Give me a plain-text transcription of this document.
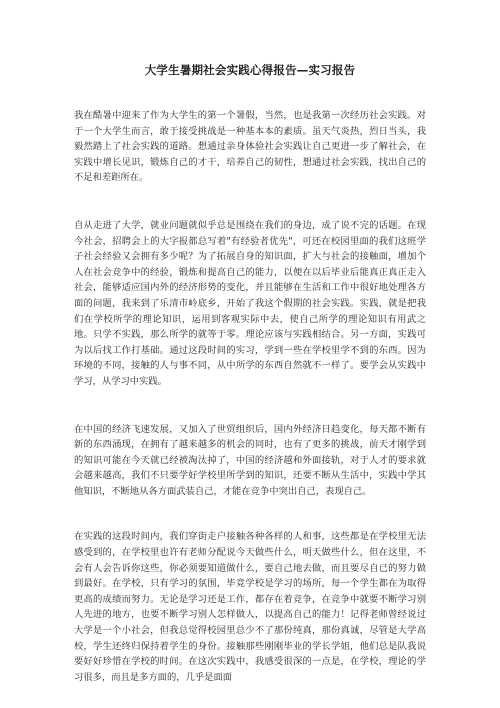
大学生暑期社会实践心得报告—实习报告

我在酷暑中迎来了作为大学生的第一个暑假，当然，也是我第一次经历社会实践。对于一个大学生而言，敢于接受挑战是一种基本本的素质。虽天气炎热，烈日当头，我毅然踏上了社会实践的道路。想通过亲身体验社会实践让自己更进一步了解社会，在实践中增长见识，锻炼自己的才干，培养自己的韧性，想通过社会实践，找出自己的不足和差距所在。

自从走进了大学，就业问题就似乎总是围绕在我们的身边，成了说不完的话题。在现今社会，招聘会上的大字报都总写着"有经验者优先"，可还在校园里面的我们这班学子社会经验又会拥有多少呢？为了拓展自身的知识面，扩大与社会的接触面，增加个人在社会竞争中的经验，锻炼和提高自己的能力，以便在以后毕业后能真正真正走入社会，能够适应国内外的经济形势的变化，并且能够在生活和工作中很好地处理各方面的问题，我来到了乐清市岭底乡，开始了我这个假期的社会实践。实践，就是把我们在学校所学的理论知识，运用到客观实际中去，使自己所学的理论知识有用武之地。只学不实践，那么所学的就等于零。理论应该与实践相结合。另一方面，实践可为以后找工作打基础。通过这段时间的实习，学到一些在学校里学不到的东西。因为环境的不同，接触的人与事不同，从中所学的东西自然就不一样了。要学会从实践中学习，从学习中实践。

在中国的经济飞速发展，又加入了世贸组织后，国内外经济日趋变化，每天都不断有新的东西涌现，在拥有了越来越多的机会的同时，也有了更多的挑战，前天才刚学到的知识可能在今天就已经被淘汰掉了，中国的经济越和外面接轨，对于人才的要求就会越来越高，我们不只要学好学校里所学到的知识，还要不断从生活中，实践中学其他知识，不断地从各方面武装自己，才能在竞争中突出自己，表现自己。

在实践的这段时间内，我们穿街走户接触各种各样的人和事，这些都是在学校里无法感受到的，在学校里也许有老师分配说今天做些什么，明天做些什么，但在这里，不会有人会告诉你这些，你必须要知道做什么，要自己地去做，而且要尽自已的努力做到最好。在学校，只有学习的氛围，毕竟学校是学习的场所，每一个学生都在为取得更高的成绩而努力。无论是学习还是工作，都存在着竞争，在竞争中就要不断学习别人先进的地方，也要不断学习别人怎样做人，以提高自己的能力！记得老师曾经说过大学是一个小社会，但我总觉得校园里总少不了那份纯真，那份真诚，尽管是大学高校，学生还终归保持着学生的身份。接触那些刚刚毕业的学长学姐，他们总是队我说要好好珍惜在学校的时间。在这次实践中，我感受很深的一点是，在学校，理论的学习很多，而且是多方面的，几乎是面面
